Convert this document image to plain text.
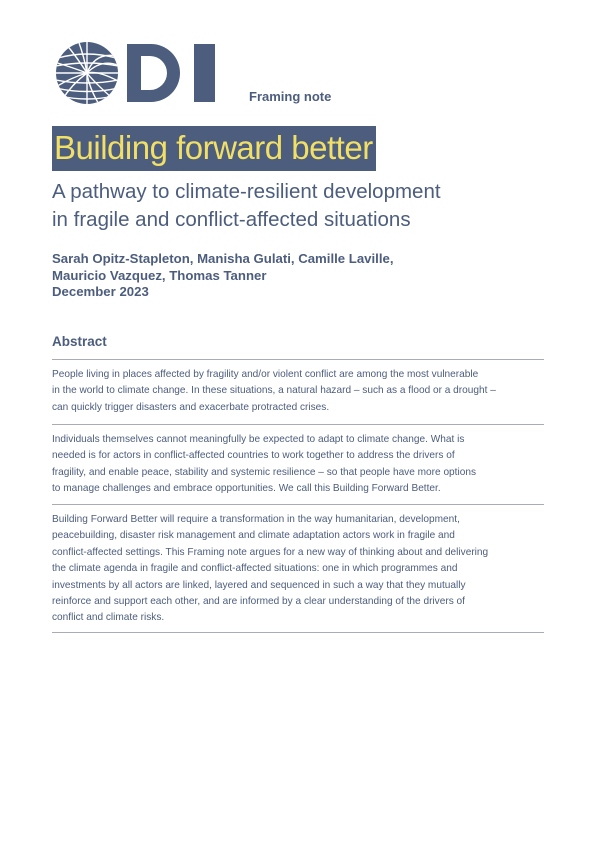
Framing note
Building forward better
A pathway to climate-resilient development
in fragile and conflict-affected situations
Sarah Opitz-Stapleton, Manisha Gulati, Camille Laville,
Mauricio Vazquez, Thomas Tanner
December 2023
Abstract

People living in places affected by fragility and/or violent conflict are among the most vulnerable
in the world to climate change. In these situations, a natural hazard – such as a flood or a drought –
can quickly trigger disasters and exacerbate protracted crises.

Individuals themselves cannot meaningfully be expected to adapt to climate change. What is
needed is for actors in conflict-affected countries to work together to address the drivers of
fragility, and enable peace, stability and systemic resilience – so that people have more options
to manage challenges and embrace opportunities. We call this Building Forward Better.

Building Forward Better will require a transformation in the way humanitarian, development,
peacebuilding, disaster risk management and climate adaptation actors work in fragile and
conflict-affected settings. This Framing note argues for a new way of thinking about and delivering
the climate agenda in fragile and conflict-affected situations: one in which programmes and
investments by all actors are linked, layered and sequenced in such a way that they mutually
reinforce and support each other, and are informed by a clear understanding of the drivers of
conflict and climate risks.
